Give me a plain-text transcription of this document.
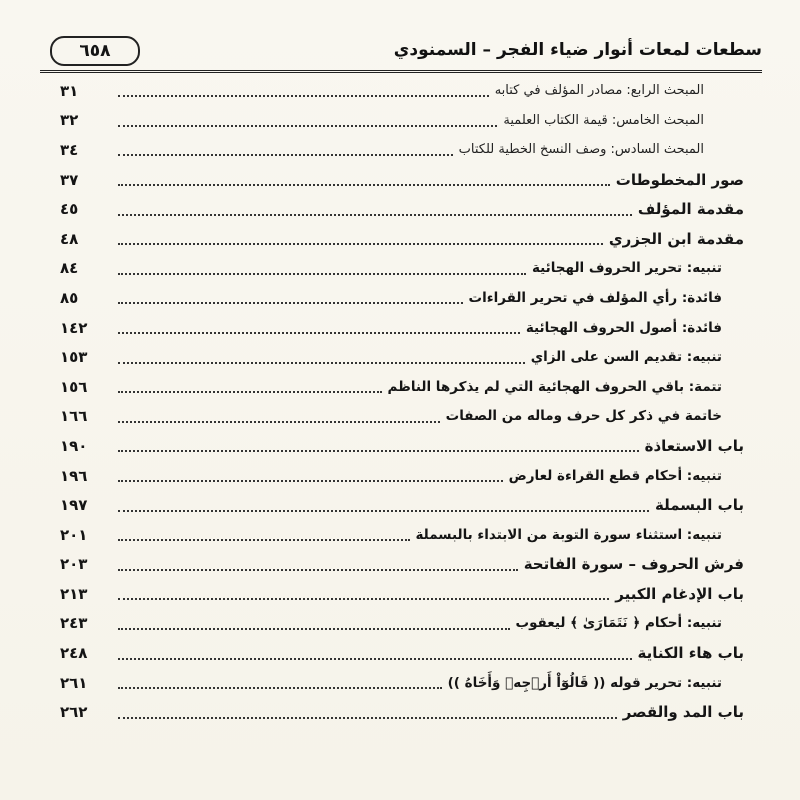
٦٥٨	سطعات لمعات أنوار ضياء الفجر – السمنودي
المبحث الرابع: مصادر المؤلف في كتابه
٣١
المبحث الخامس: قيمة الكتاب العلمية
٣٢
المبحث السادس: وصف النسخ الخطية للكتاب
٣٤
صور المخطوطات
٣٧
مقدمة المؤلف
٤٥
مقدمة ابن الجزري
٤٨
تنبيه: تحرير الحروف الهجائية
٨٤
فائدة: رأي المؤلف في تحرير القراءات
٨٥
فائدة: أصول الحروف الهجائية
١٤٢
تنبيه: تقديم السن على الزاي
١٥٣
تتمة: باقي الحروف الهجائية التي لم يذكرها الناظم
١٥٦
خاتمة في ذكر كل حرف وماله من الصفات
١٦٦
باب الاستعاذة
١٩٠
تنبيه: أحكام قطع القراءة لعارض
١٩٦
باب البسملة
١٩٧
تنبيه: استثناء سورة التوبة من الابتداء بالبسملة
٢٠١
فرش الحروف – سورة الفاتحة
٢٠٣
باب الإدغام الكبير
٢١٣
تنبيه: أحكام ﴿ نَتَمَارَىٰ ﴾ ليعقوب
٢٤٣
باب هاء الكناية
٢٤٨
تنبيه: تحرير قوله (( قَالُوٓاْ أَرۡجِهۡ وَأَخَاهُ ))
٢٦١
باب المد والقصر
٢٦٢
